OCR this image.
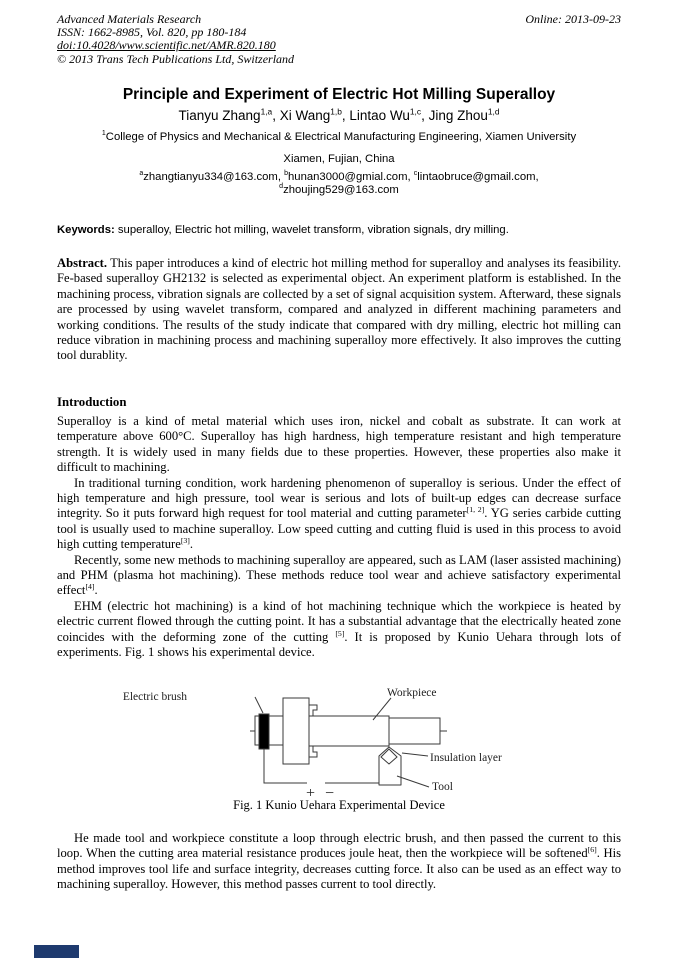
Advanced Materials Research	Online: 2013-09-23
ISSN: 1662-8985, Vol. 820, pp 180-184
doi:10.4028/www.scientific.net/AMR.820.180
© 2013 Trans Tech Publications Ltd, Switzerland
Principle and Experiment of Electric Hot Milling Superalloy
Tianyu Zhang$^{1,a}$, Xi Wang$^{1,b}$, Lintao Wu$^{1,c}$, Jing Zhou$^{1,d}$
$^1$College of Physics and Mechanical & Electrical Manufacturing Engineering, Xiamen University
Xiamen, Fujian, China
$^a$zhangtianyu334@163.com, $^b$hunan3000@gmial.com, $^c$lintaobruce@gmail.com,
$^d$zhoujing529@163.com
Keywords: superalloy, Electric hot milling, wavelet transform, vibration signals, dry milling.
Abstract. This paper introduces a kind of electric hot milling method for superalloy and analyses its feasibility. Fe-based superalloy GH2132 is selected as experimental object. An experiment platform is established. In the machining process, vibration signals are collected by a set of signal acquisition system. Afterward, these signals are processed by using wavelet transform, compared and analyzed in different machining parameters and working conditions. The results of the study indicate that compared with dry milling, electric hot milling can reduce vibration in machining process and machining superalloy more effectively. It also improves the cutting tool durablity.
Introduction

Superalloy is a kind of metal material which uses iron, nickel and cobalt as substrate. It can work at temperature above 600°C. Superalloy has high hardness, high temperature resistant and high temperature strength. It is widely used in many fields due to these properties. However, these properties also make it difficult to machining.

In traditional turning condition, work hardening phenomenon of superalloy is serious. Under the effect of high temperature and high pressure, tool wear is serious and lots of built-up edges can decrease surface integrity. So it puts forward high request for tool material and cutting parameter[1, 2]. YG series carbide cutting tool is usually used to machine superalloy. Low speed cutting and cutting fluid is used in this process to avoid high cutting temperature[3].

Recently, some new methods to machining superalloy are appeared, such as LAM (laser assisted machining) and PHM (plasma hot machining). These methods reduce tool wear and achieve satisfactory experimental effect[4].

EHM (electric hot machining) is a kind of hot machining technique which the workpiece is heated by electric current flowed through the cutting point. It has a substantial advantage that the electrically heated zone coincides with the deforming zone of the cutting [5]. It is proposed by Kunio Uehara through lots of experiments. Fig. 1 shows his experimental device.

Electric brush	Workpiece
Insulation layer
Tool
+ −
Fig. 1 Kunio Uehara Experimental Device

He made tool and workpiece constitute a loop through electric brush, and then passed the current to this loop. When the cutting area material resistance produces joule heat, then the workpiece will be softened[6]. His method improves tool life and surface integrity, decreases cutting force. It also can be used as an effect way to machining superalloy. However, this method passes current to tool directly.
